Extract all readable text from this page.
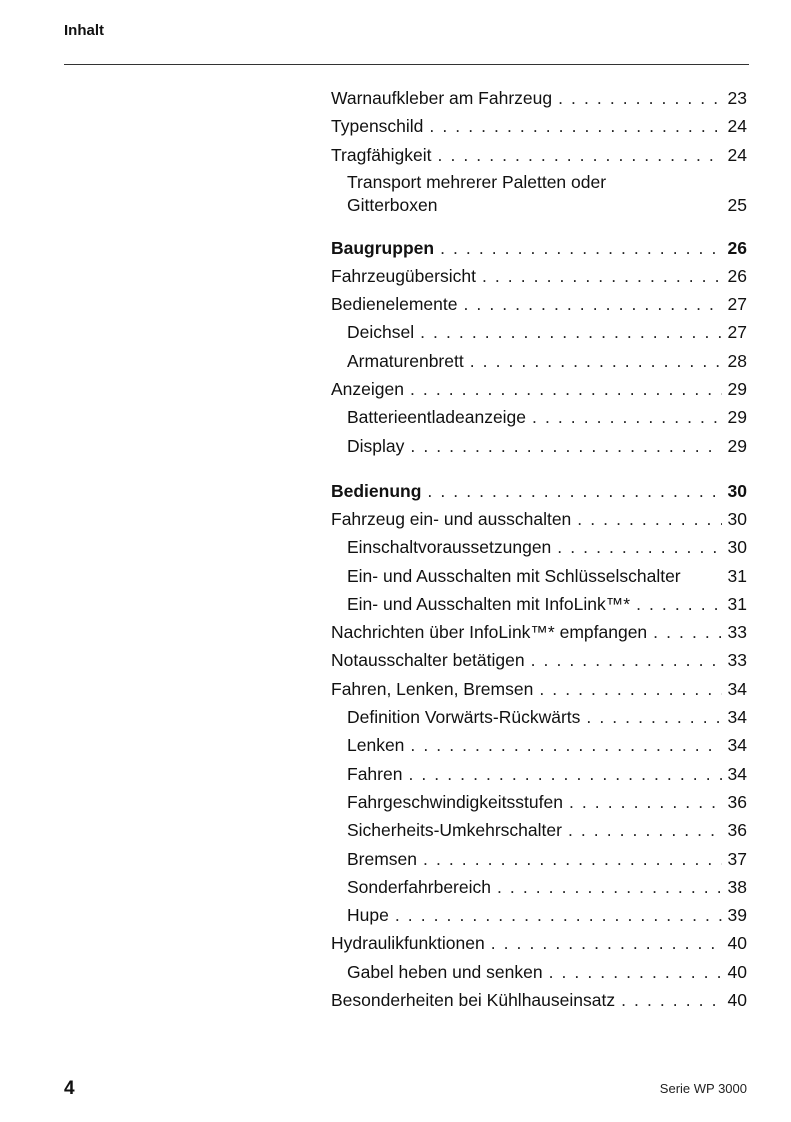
Inhalt
Warnaufkleber am Fahrzeug . . .	23
Typenschild . . .	24
Tragfähigkeit . . .	24
Transport mehrerer Paletten oder
Gitterboxen	25
Baugruppen . . .	26
Fahrzeugübersicht . . .	26
Bedienelemente . . .	27
Deichsel . . .	27
Armaturenbrett . . .	28
Anzeigen . . .	29
Batterieentladeanzeige . . .	29
Display . . .	29
Bedienung . . .	30
Fahrzeug ein- und ausschalten . . .	30
Einschaltvoraussetzungen . . .	30
Ein- und Ausschalten mit Schlüsselschalter	31
Ein- und Ausschalten mit InfoLink™* . . .	31
Nachrichten über InfoLink™* empfangen . . .	33
Notausschalter betätigen . . .	33
Fahren, Lenken, Bremsen . . .	34
Definition Vorwärts-Rückwärts . . .	34
Lenken . . .	34
Fahren . . .	34
Fahrgeschwindigkeitsstufen . . .	36
Sicherheits-Umkehrschalter . . .	36
Bremsen . . .	37
Sonderfahrbereich . . .	38
Hupe . . .	39
Hydraulikfunktionen . . .	40
Gabel heben und senken . . .	40
Besonderheiten bei Kühlhauseinsatz . . .	40
4	Serie WP 3000
